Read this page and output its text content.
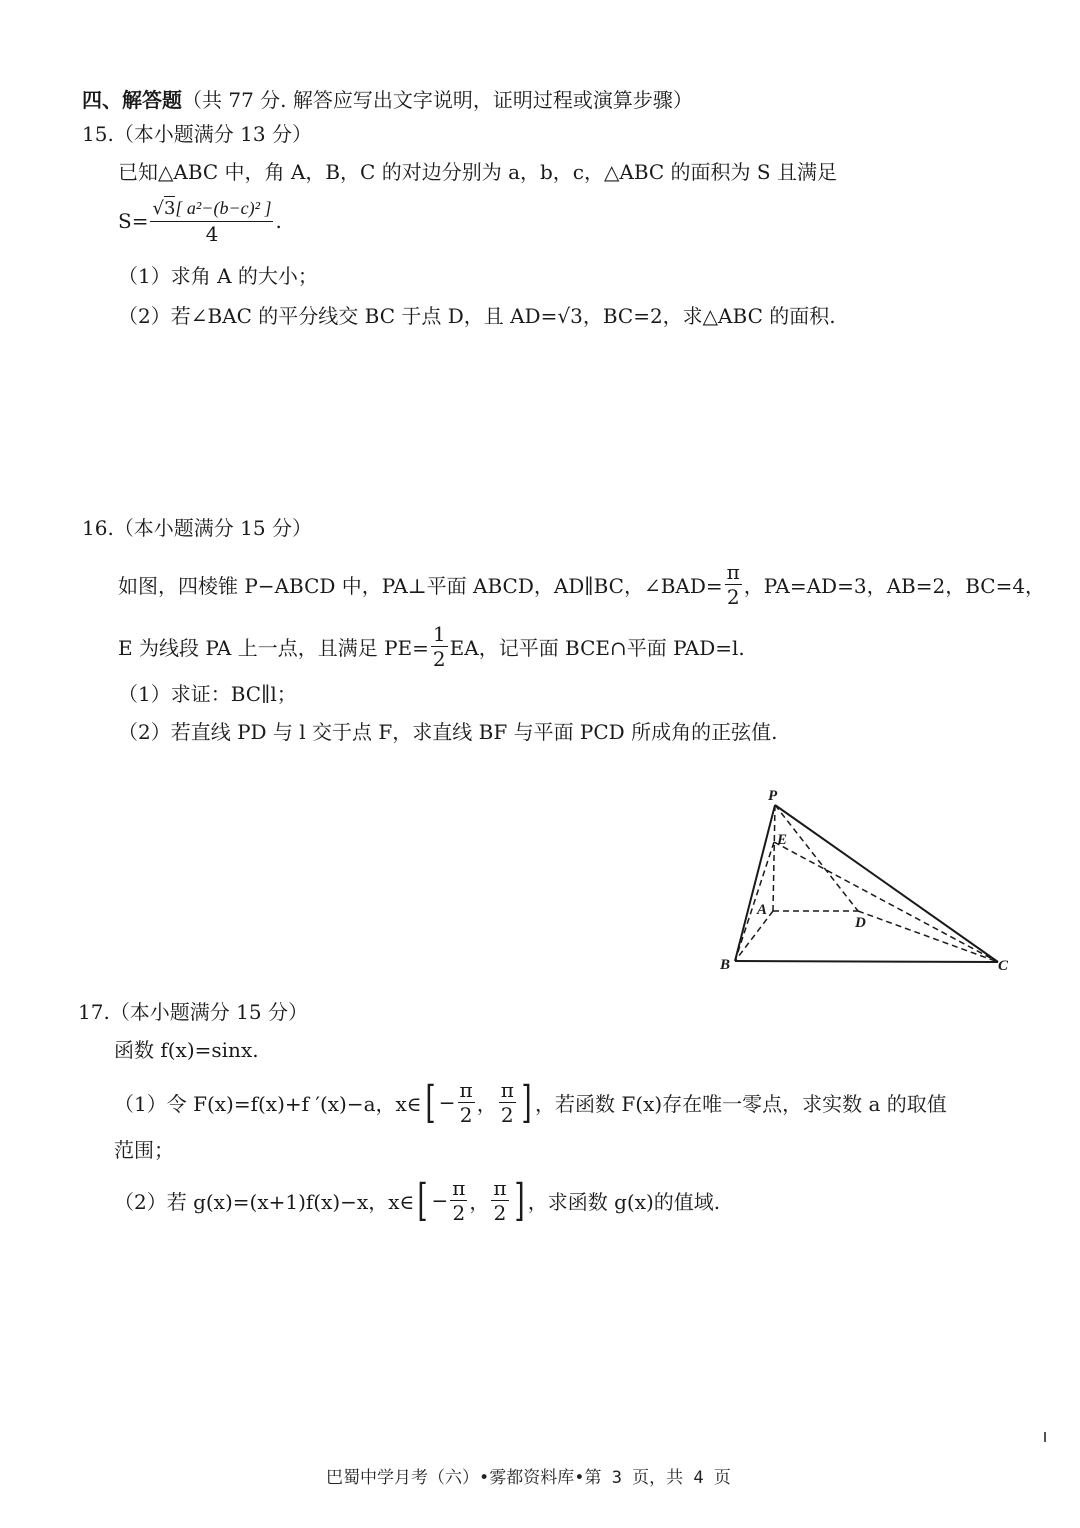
四、解答题（共 77 分. 解答应写出文字说明，证明过程或演算步骤）
15.（本小题满分 13 分）
已知△ABC 中，角 A，B，C 的对边分别为 a，b，c，△ABC 的面积为 S 且满足
$S= \frac{\text{√3[ a²−(b−c)² ]}}{4}$ .
（1）求角 A 的大小；
（2）若∠BAC 的平分线交 BC 于点 D，且 AD=√3，BC=2，求△ABC 的面积.
16.（本小题满分 15 分）
如图，四棱锥 P−ABCD 中，PA⊥平面 ABCD，AD∥BC，∠BAD= $\frac{\pi}{2}$ ，PA=AD=3，AB=2，BC=4，
E 为线段 PA 上一点，且满足 $PE= \frac{1}{2}$ EA，记平面 BCE∩平面 PAD=l.
（1）求证：BC∥l；
（2）若直线 PD 与 l 交于点 F，求直线 BF 与平面 PCD 所成角的正弦值.
P
E
A
D
B	C
17.（本小题满分 15 分）
函数 f(x)=sinx.
（1）令 F(x)=f(x)+f ′(x)−a，x∈[ − $\frac{\pi}{2}$ ， $\frac{\pi}{2}$ ] ，若函数 F(x)存在唯一零点，求实数 a 的取值
范围；
（2）若 g(x)=(x+1)f(x)−x，x∈[ − $\frac{\pi}{2}$ ， $\frac{\pi}{2}$ ] ，求函数 g(x)的值域.
巴蜀中学月考（六）•雾都资料库•第 3 页，共 4 页
